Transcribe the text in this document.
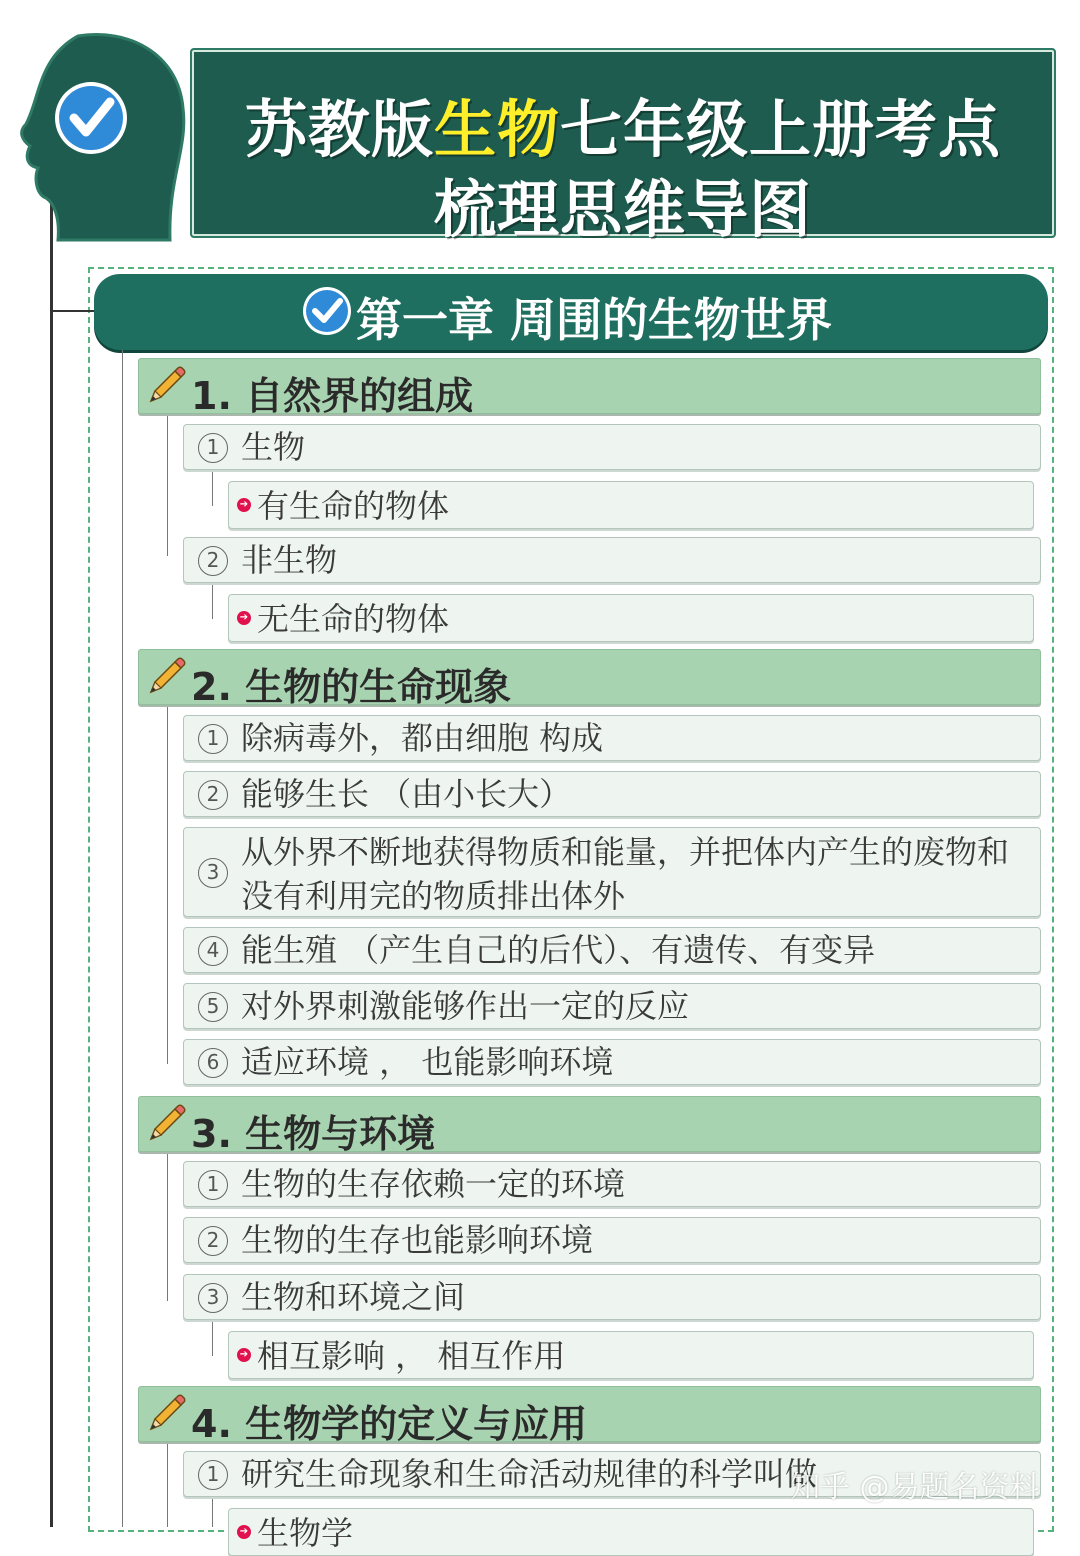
苏教版生物七年级上册考点
梳理思维导图
第一章 周围的生物世界
1. 自然界的组成
1 生物
➔ 有生命的物体
2 非生物
➔ 无生命的物体
2. 生物的生命现象
1 除病毒外，都由细胞 构成
2 能够生长 （由小长大）
3
从外界不断地获得物质和能量，并把体内产生的废物和没有利用完的物质排出体外
4 能生殖 （产生自己的后代）、有遗传、有变异
5 对外界刺激能够作出一定的反应
6 适应环境 ， 也能影响环境
3. 生物与环境
1 生物的生存依赖一定的环境
2 生物的生存也能影响环境
3 生物和环境之间
➔ 相互影响 ， 相互作用
4. 生物学的定义与应用
1 研究生命现象和生命活动规律的科学叫做
➔ 生物学
知乎 @易题名资料
